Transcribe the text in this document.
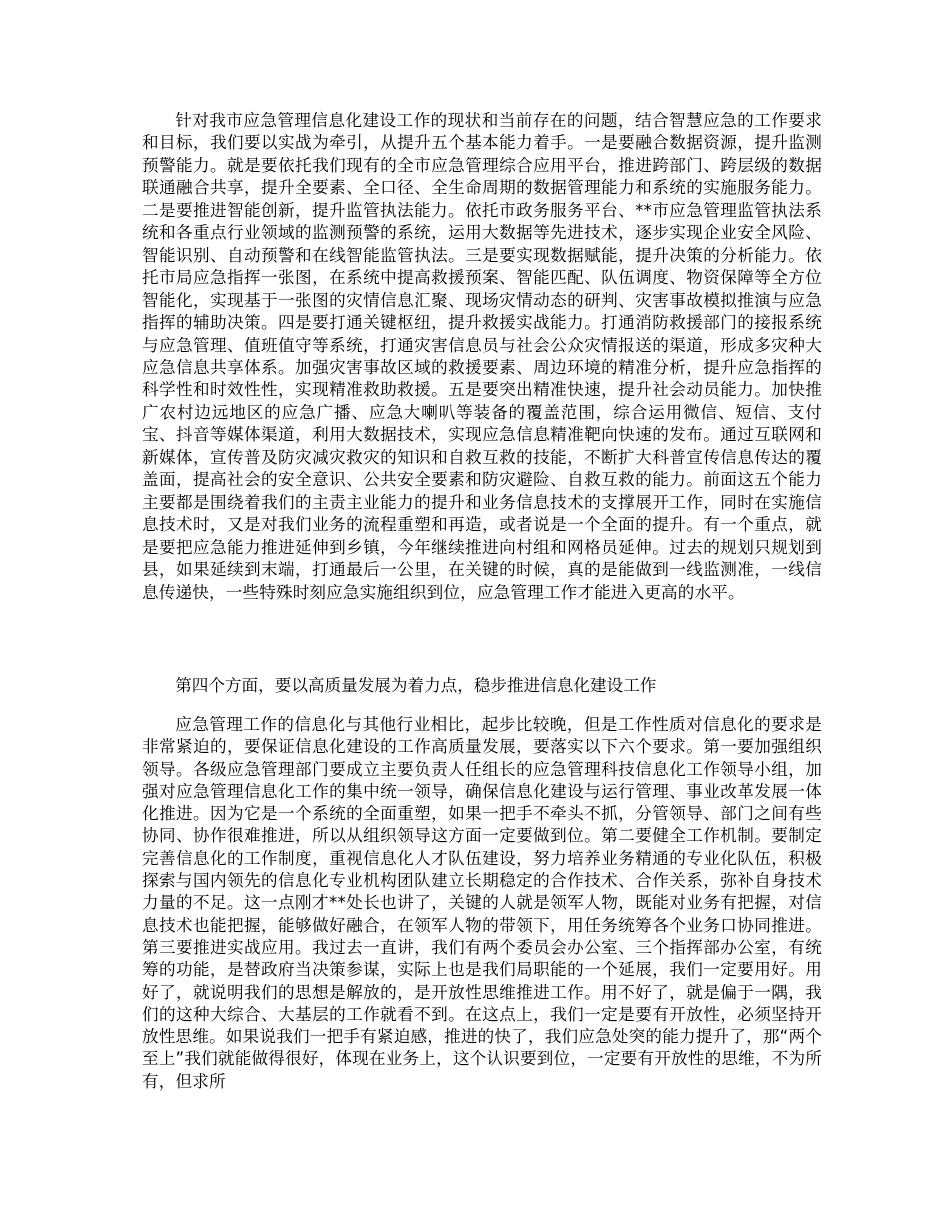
针对我市应急管理信息化建设工作的现状和当前存在的问题，结合智慧应急的工作要求和目标，我们要以实战为牵引，从提升五个基本能力着手。一是要融合数据资源，提升监测预警能力。就是要依托我们现有的全市应急管理综合应用平台，推进跨部门、跨层级的数据联通融合共享，提升全要素、全口径、全生命周期的数据管理能力和系统的实施服务能力。二是要推进智能创新，提升监管执法能力。依托市政务服务平台、**市应急管理监管执法系统和各重点行业领域的监测预警的系统，运用大数据等先进技术，逐步实现企业安全风险、智能识别、自动预警和在线智能监管执法。三是要实现数据赋能，提升决策的分析能力。依托市局应急指挥一张图，在系统中提高救援预案、智能匹配、队伍调度、物资保障等全方位智能化，实现基于一张图的灾情信息汇聚、现场灾情动态的研判、灾害事故模拟推演与应急指挥的辅助决策。四是要打通关键枢纽，提升救援实战能力。打通消防救援部门的接报系统与应急管理、值班值守等系统，打通灾害信息员与社会公众灾情报送的渠道，形成多灾种大应急信息共享体系。加强灾害事故区域的救援要素、周边环境的精准分析，提升应急指挥的科学性和时效性性，实现精准救助救援。五是要突出精准快速，提升社会动员能力。加快推广农村边远地区的应急广播、应急大喇叭等装备的覆盖范围，综合运用微信、短信、支付宝、抖音等媒体渠道，利用大数据技术，实现应急信息精准靶向快速的发布。通过互联网和新媒体，宣传普及防灾减灾救灾的知识和自救互救的技能，不断扩大科普宣传信息传达的覆盖面，提高社会的安全意识、公共安全要素和防灾避险、自救互救的能力。前面这五个能力主要都是围绕着我们的主责主业能力的提升和业务信息技术的支撑展开工作，同时在实施信息技术时，又是对我们业务的流程重塑和再造，或者说是一个全面的提升。有一个重点，就是要把应急能力推进延伸到乡镇，今年继续推进向村组和网格员延伸。过去的规划只规划到县，如果延续到末端，打通最后一公里，在关键的时候，真的是能做到一线监测准，一线信息传递快，一些特殊时刻应急实施组织到位，应急管理工作才能进入更高的水平。

第四个方面，要以高质量发展为着力点，稳步推进信息化建设工作

应急管理工作的信息化与其他行业相比，起步比较晚，但是工作性质对信息化的要求是非常紧迫的，要保证信息化建设的工作高质量发展，要落实以下六个要求。第一要加强组织领导。各级应急管理部门要成立主要负责人任组长的应急管理科技信息化工作领导小组，加强对应急管理信息化工作的集中统一领导，确保信息化建设与运行管理、事业改革发展一体化推进。因为它是一个系统的全面重塑，如果一把手不牵头不抓，分管领导、部门之间有些协同、协作很难推进，所以从组织领导这方面一定要做到位。第二要健全工作机制。要制定完善信息化的工作制度，重视信息化人才队伍建设，努力培养业务精通的专业化队伍，积极探索与国内领先的信息化专业机构团队建立长期稳定的合作技术、合作关系，弥补自身技术力量的不足。这一点刚才**处长也讲了，关键的人就是领军人物，既能对业务有把握，对信息技术也能把握，能够做好融合，在领军人物的带领下，用任务统筹各个业务口协同推进。第三要推进实战应用。我过去一直讲，我们有两个委员会办公室、三个指挥部办公室，有统筹的功能，是替政府当决策参谋，实际上也是我们局职能的一个延展，我们一定要用好。用好了，就说明我们的思想是解放的，是开放性思维推进工作。用不好了，就是偏于一隅，我们的这种大综合、大基层的工作就看不到。在这点上，我们一定是要有开放性，必须坚持开放性思维。如果说我们一把手有紧迫感，推进的快了，我们应急处突的能力提升了，那“两个至上”我们就能做得很好，体现在业务上，这个认识要到位，一定要有开放性的思维，不为所有，但求所
